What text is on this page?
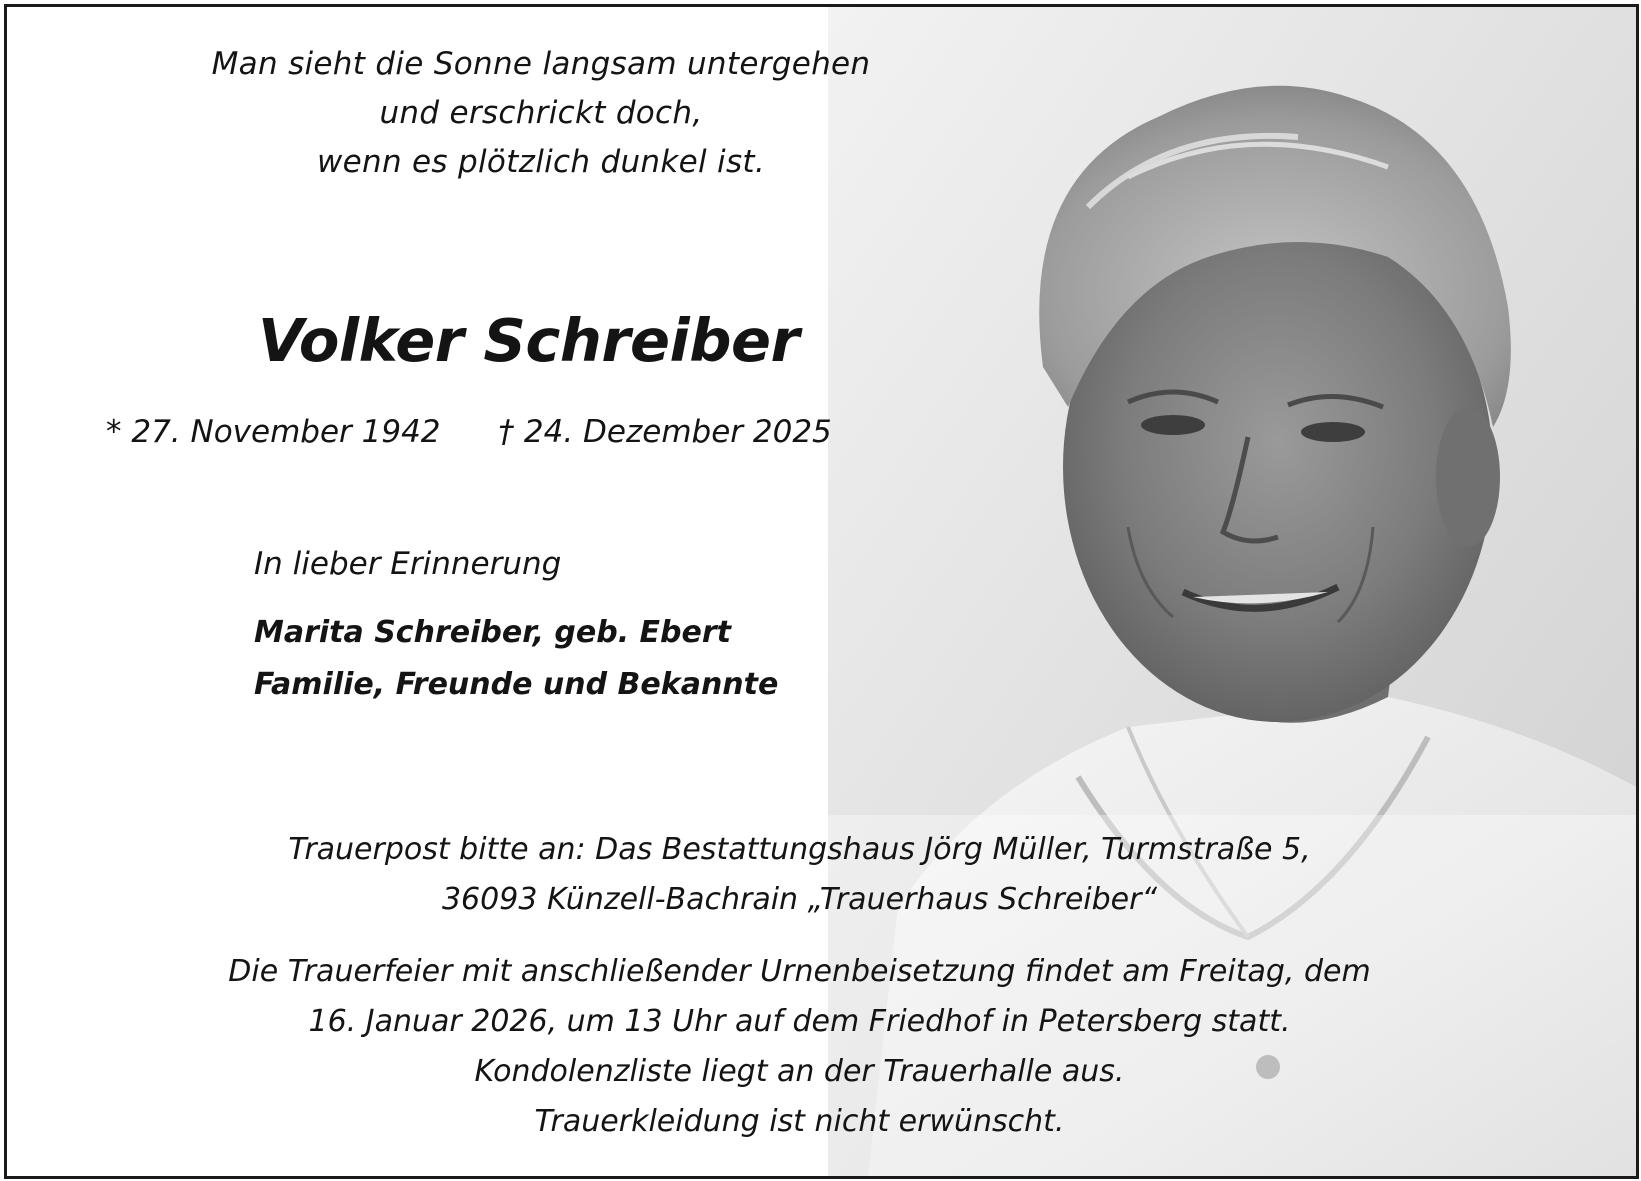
Man sieht die Sonne langsam untergehen
und erschrickt doch,
wenn es plötzlich dunkel ist.
Volker Schreiber
* 27. November 1942 † 24. Dezember 2025
In lieber Erinnerung
Marita Schreiber, geb. Ebert
Familie, Freunde und Bekannte
Trauerpost bitte an: Das Bestattungshaus Jörg Müller, Turmstraße 5,
36093 Künzell-Bachrain „Trauerhaus Schreiber“
Die Trauerfeier mit anschließender Urnenbeisetzung findet am Freitag, dem
16. Januar 2026, um 13 Uhr auf dem Friedhof in Petersberg statt.
Kondolenzliste liegt an der Trauerhalle aus.
Trauerkleidung ist nicht erwünscht.
